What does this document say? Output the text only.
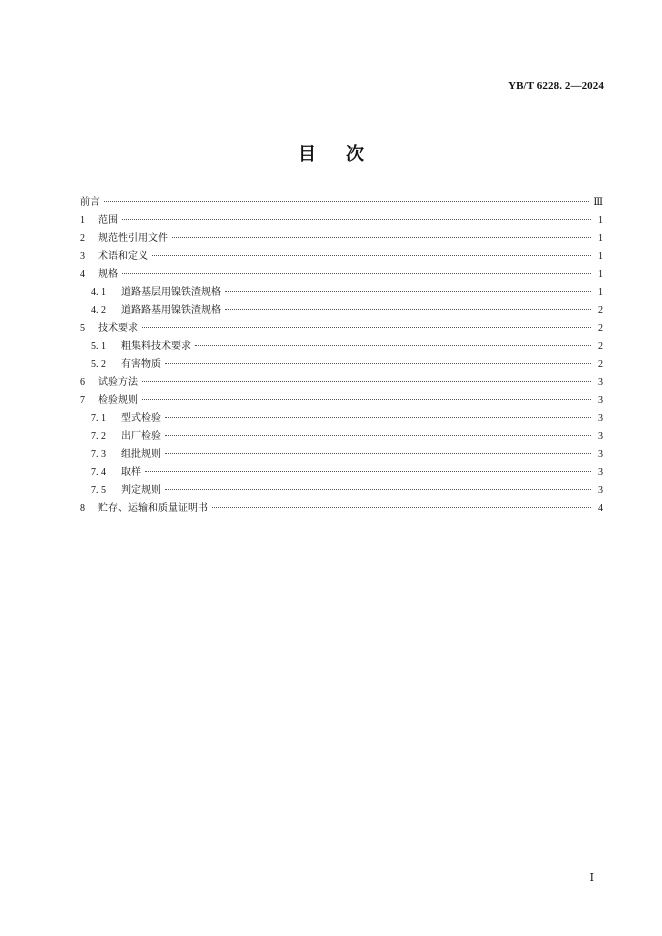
YB/T 6228. 2—2024
目 次
前言	Ⅲ
1	范围	1
2	规范性引用文件	1
3	术语和定义	1
4	规格	1
4. 1	道路基层用镍铁渣规格	1
4. 2	道路路基用镍铁渣规格	2
5	技术要求	2
5. 1	粗集料技术要求	2
5. 2	有害物质	2
6	试验方法	3
7	检验规则	3
7. 1	型式检验	3
7. 2	出厂检验	3
7. 3	组批规则	3
7. 4	取样	3
7. 5	判定规则	3
8	贮存、运输和质量证明书	4
Ⅰ
